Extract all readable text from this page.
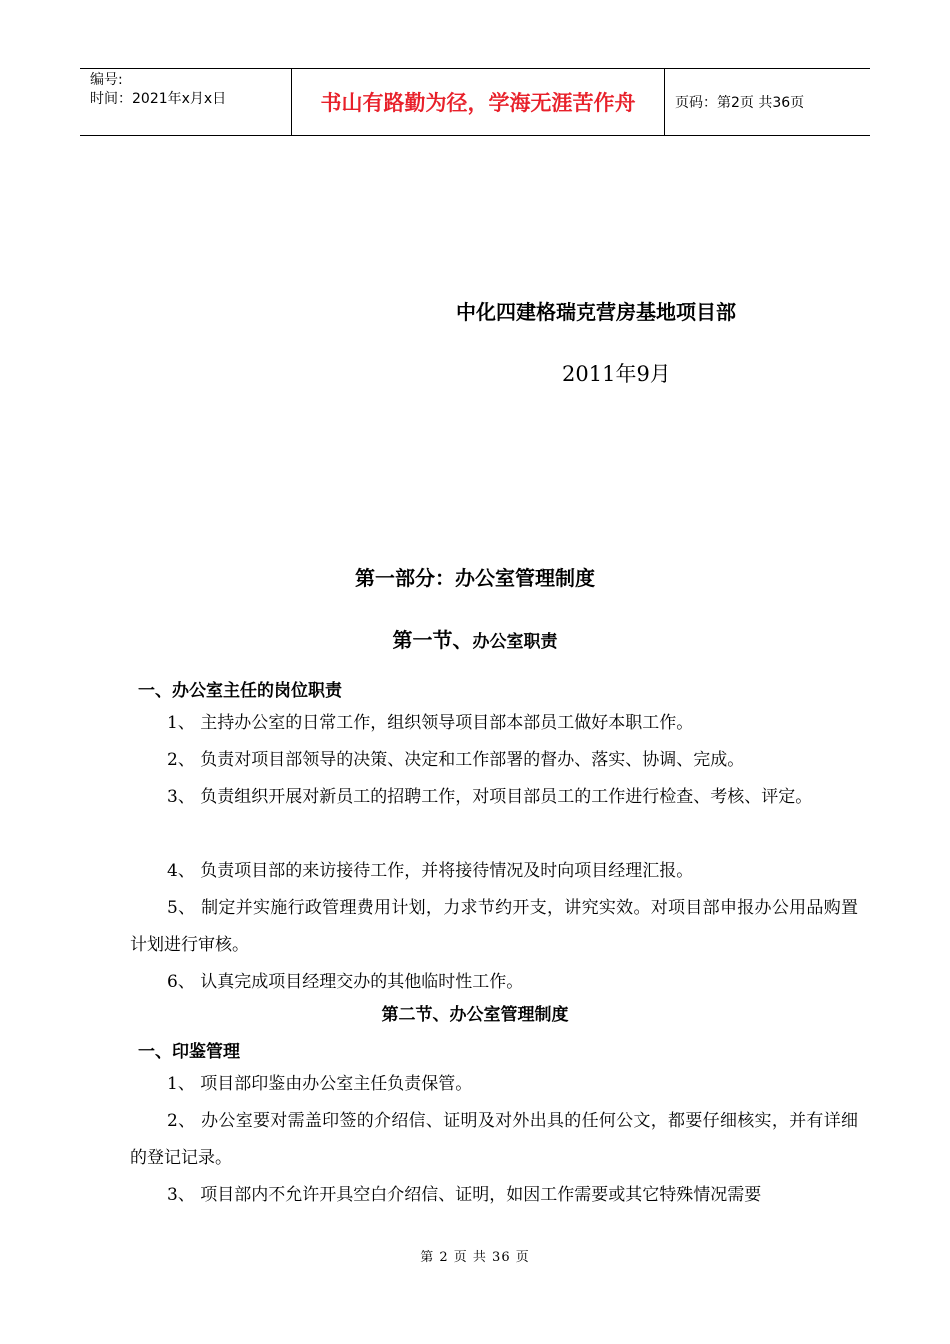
编号:
时间：2021年x月x日	书山有路勤为径，学海无涯苦作舟	页码：第2页 共36页
中化四建格瑞克营房基地项目部
2011年9月
第一部分：办公室管理制度
第一节、办公室职责
一、办公室主任的岗位职责

1、 主持办公室的日常工作，组织领导项目部本部员工做好本职工作。

2、 负责对项目部领导的决策、决定和工作部署的督办、落实、协调、完成。

3、 负责组织开展对新员工的招聘工作，对项目部员工的工作进行检查、考核、评定。

4、 负责项目部的来访接待工作，并将接待情况及时向项目经理汇报。

5、 制定并实施行政管理费用计划，力求节约开支，讲究实效。对项目部申报办公用品购置计划进行审核。

6、 认真完成项目经理交办的其他临时性工作。

第二节、办公室管理制度
一、印鉴管理

1、 项目部印鉴由办公室主任负责保管。

2、 办公室要对需盖印签的介绍信、证明及对外出具的任何公文，都要仔细核实，并有详细的登记记录。

3、 项目部内不允许开具空白介绍信、证明，如因工作需要或其它特殊情况需要

第 2 页 共 36 页
